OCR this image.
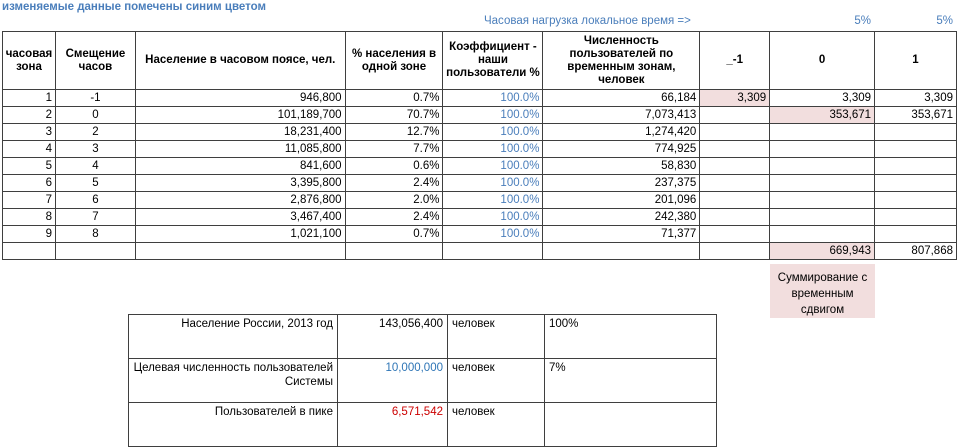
изменяемые данные помечены синим цветом
Часовая нагрузка локальное время =>	5%	5%
часовая зона	Смещение часов	Население в часовом поясе, чел.	% населения в одной зоне	Коэффициент - наши пользователи %	Численность пользователей по временным зонам, человек	_-1	0	1
1	-1	946,800	0.7%	100.0%	66,184	3,309	3,309	3,309
2	0	101,189,700	70.7%	100.0%	7,073,413		353,671	353,671
3	2	18,231,400	12.7%	100.0%	1,274,420			
4	3	11,085,800	7.7%	100.0%	774,925			
5	4	841,600	0.6%	100.0%	58,830			
6	5	3,395,800	2.4%	100.0%	237,375			
7	6	2,876,800	2.0%	100.0%	201,096			
8	7	3,467,400	2.4%	100.0%	242,380			
9	8	1,021,100	0.7%	100.0%	71,377			
							669,943	807,868
Суммирование с временным сдвигом
Население России, 2013 год	143,056,400	человек	100%
Целевая численность пользователей Системы	10,000,000	человек	7%
Пользователей в пике	6,571,542	человек	
